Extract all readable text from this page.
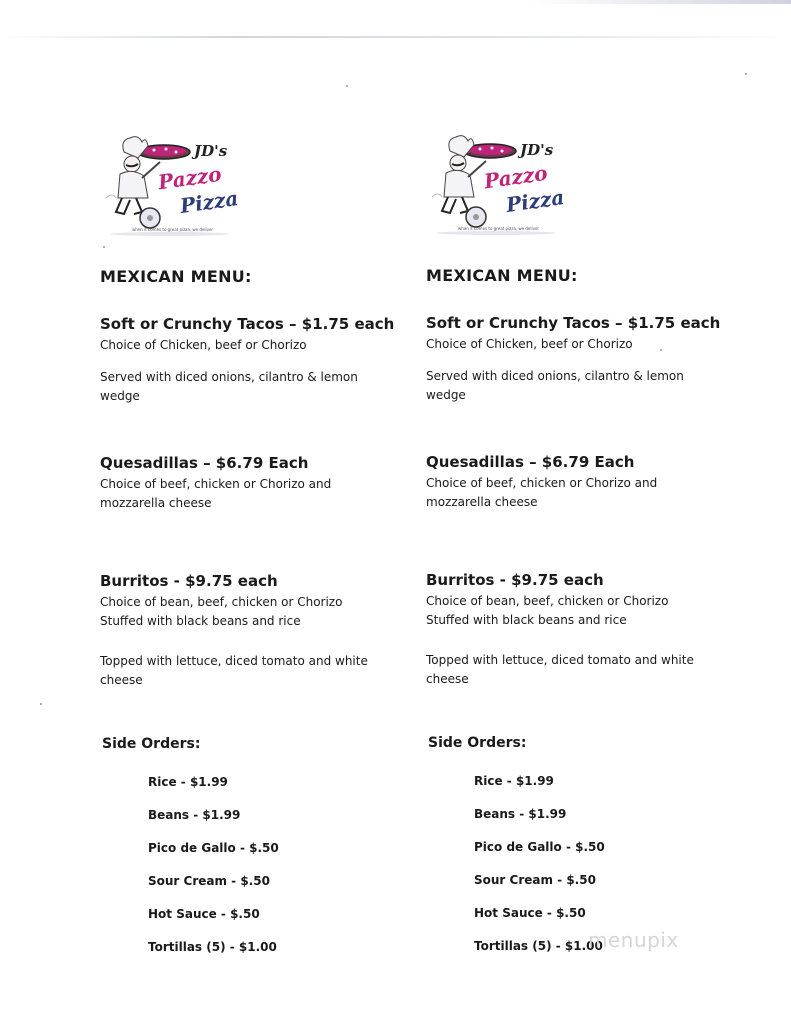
JD's
Pazzo
Pizza
when it comes to great pizza, we deliver
MEXICAN MENU:

Soft or Crunchy Tacos – $1.75 each

Choice of Chicken, beef or Chorizo

Served with diced onions, cilantro & lemon

wedge

Quesadillas – $6.79 Each

Choice of beef, chicken or Chorizo and

mozzarella cheese

Burritos - $9.75 each

Choice of bean, beef, chicken or Chorizo

Stuffed with black beans and rice

Topped with lettuce, diced tomato and white

cheese

Side Orders:
Rice - $1.99
Beans - $1.99
Pico de Gallo - $.50
Sour Cream - $.50
Hot Sauce - $.50
Tortillas (5) - $1.00
JD's
Pazzo
Pizza
when it comes to great pizza, we deliver
MEXICAN MENU:

Soft or Crunchy Tacos – $1.75 each

Choice of Chicken, beef or Chorizo

Served with diced onions, cilantro & lemon

wedge

Quesadillas – $6.79 Each

Choice of beef, chicken or Chorizo and

mozzarella cheese

Burritos - $9.75 each

Choice of bean, beef, chicken or Chorizo

Stuffed with black beans and rice

Topped with lettuce, diced tomato and white

cheese

Side Orders:
Rice - $1.99
Beans - $1.99
Pico de Gallo - $.50
Sour Cream - $.50
Hot Sauce - $.50
Tortillas (5) - $1.00
menupix
